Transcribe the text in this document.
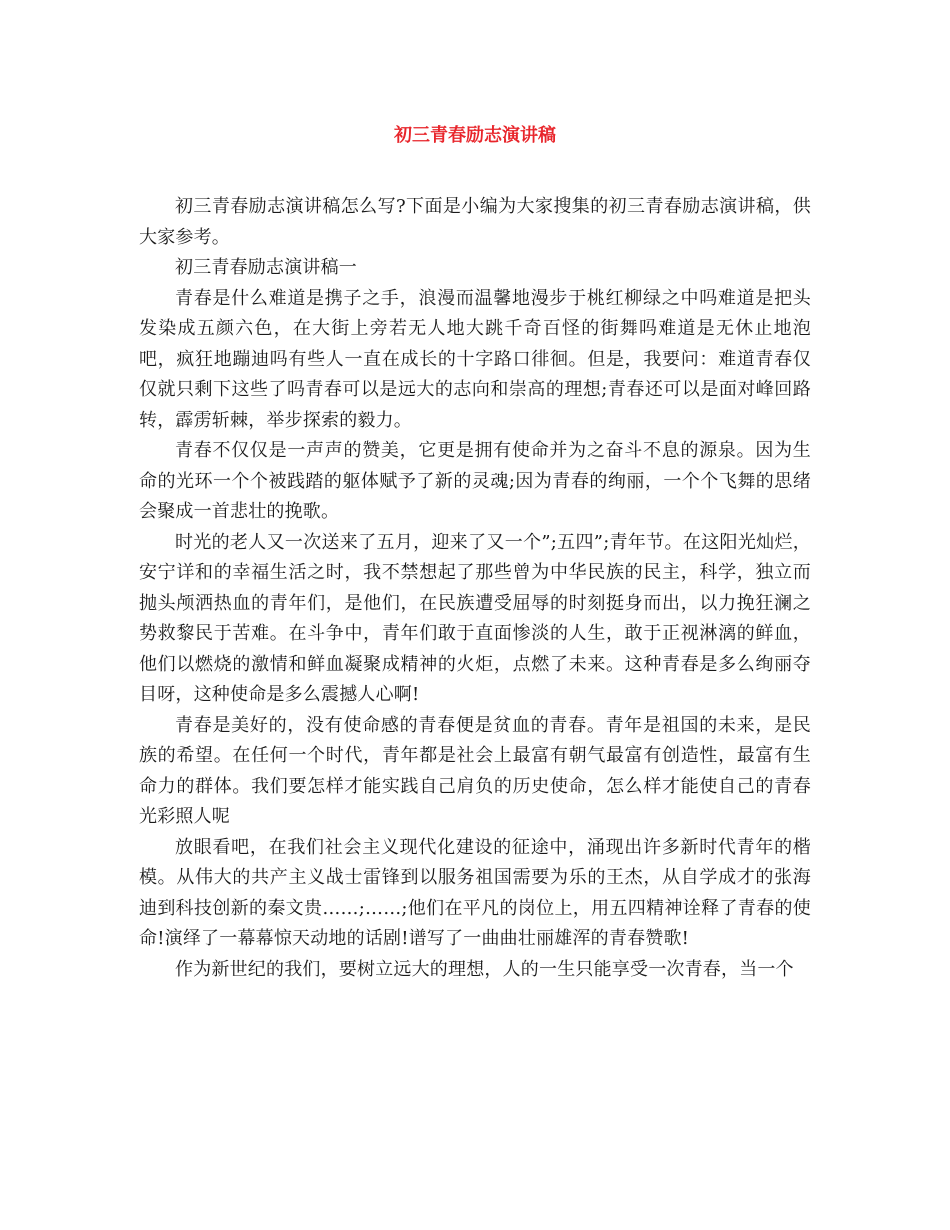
初三青春励志演讲稿

初三青春励志演讲稿怎么写?下面是小编为大家搜集的初三青春励志演讲稿，供大家参考。

初三青春励志演讲稿一

青春是什么难道是携子之手，浪漫而温馨地漫步于桃红柳绿之中吗难道是把头发染成五颜六色，在大街上旁若无人地大跳千奇百怪的街舞吗难道是无休止地泡吧，疯狂地蹦迪吗有些人一直在成长的十字路口徘徊。但是，我要问：难道青春仅仅就只剩下这些了吗青春可以是远大的志向和崇高的理想;青春还可以是面对峰回路转，霹雳斩棘，举步探索的毅力。

青春不仅仅是一声声的赞美，它更是拥有使命并为之奋斗不息的源泉。因为生命的光环一个个被践踏的躯体赋予了新的灵魂;因为青春的绚丽，一个个飞舞的思绪会聚成一首悲壮的挽歌。

时光的老人又一次送来了五月，迎来了又一个”;五四”;青年节。在这阳光灿烂，安宁详和的幸福生活之时，我不禁想起了那些曾为中华民族的民主，科学，独立而抛头颅洒热血的青年们，是他们，在民族遭受屈辱的时刻挺身而出，以力挽狂澜之势救黎民于苦难。在斗争中，青年们敢于直面惨淡的人生，敢于正视淋漓的鲜血，他们以燃烧的激情和鲜血凝聚成精神的火炬，点燃了未来。这种青春是多么绚丽夺目呀，这种使命是多么震撼人心啊!

青春是美好的，没有使命感的青春便是贫血的青春。青年是祖国的未来，是民族的希望。在任何一个时代，青年都是社会上最富有朝气最富有创造性，最富有生命力的群体。我们要怎样才能实践自己肩负的历史使命，怎么样才能使自己的青春光彩照人呢

放眼看吧，在我们社会主义现代化建设的征途中，涌现出许多新时代青年的楷模。从伟大的共产主义战士雷锋到以服务祖国需要为乐的王杰，从自学成才的张海迪到科技创新的秦文贵……;……;他们在平凡的岗位上，用五四精神诠释了青春的使命!演绎了一幕幕惊天动地的话剧!谱写了一曲曲壮丽雄浑的青春赞歌!

作为新世纪的我们，要树立远大的理想，人的一生只能享受一次青春，当一个
